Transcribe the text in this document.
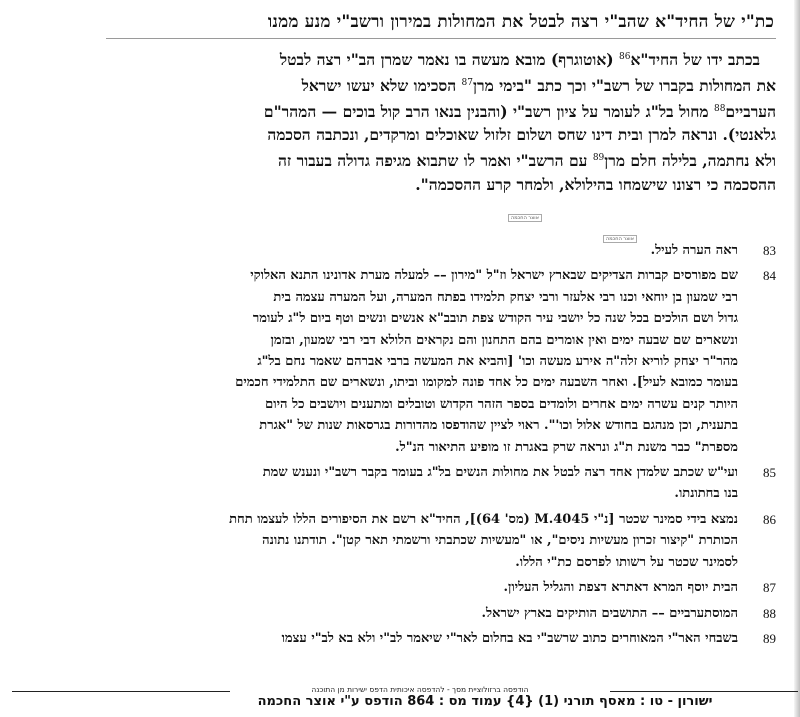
כת"י של החיד"א שהב"י רצה לבטל את המחולות במירון ורשב"י מנע ממנו
בכתב ידו של החיד"א$^{86}$ (אוטוגרף) מובא מעשה בו נאמר שמרן הב"י רצה לבטל
את המחולות בקברו של רשב"י וכך כתב "בימי מרן$^{87}$ הסכימו שלא יעשו ישראל
הערביים$^{88}$ מחול בל"ג לעומר על ציון רשב"י (והבנין בנאו הרב קול בוכים — המהר"ם
גלאנטי). ונראה למרן ובית דינו שחס ושלום זלזול שאוכלים ומרקדים, ונכתבה הסכמה
ולא נחתמה, בלילה חלם מרן$^{89}$ עם הרשב"י ואמר לו שתבוא מגיפה גדולה בעבור זה
ההסכמה כי רצונו שישמחו בהילולא, ולמחר קרע ההסכמה".
אוצר החכמה
אוצר החכמה
83
ראה הערה לעיל.
84
שם מפורסים קברות הצדיקים שבארץ ישראל וז"ל "מירון –– למעלה מערת אדונינו התנא האלוקי
רבי שמעון בן יוחאי וכנו רבי אלעזר ורבי יצחק תלמידו בפתח המערה, ועל המערה עצמה בית
גדול ושם הולכים בכל שנה כל יושבי עיר הקודש צפת תובב"א אנשים ונשים וטף ביום ל"ג לעומר
ונשארים שם שבעה ימים ואין אומרים בהם התחנון והם נקראים הלולא דבי רבי שמעון, ובזמן
מהר"ר יצחק לוריא זלה"ה אירע מעשה וכו' [והביא את המעשה ברבי אברהם שאמר נחם בל"ג
בעומר כמובא לעיל]. ואחר השבעה ימים כל אחד פונה למקומו וביתו, ונשארים שם התלמידי חכמים
היותר קנים עשרה ימים אחרים ולומדים בספר הזהר הקדוש וטובלים ומתענים ויושבים כל היום
בתענית, וכן מנהגם בחודש אלול וכו'". ראוי לציין שהודפסו מהדורות בגרסאות שנות של "אגרת
מספרת" כבר משנת ת"ג ונראה שרק באגרת זו מופיע התיאור הנ"ל.
85
ועי"ש שכתב שלמדן אחד רצה לבטל את מחולות הנשים בל"ג בעומר בקבר רשב"י ונענש שמת
בנו בחתונתו.
86
נמצא בידי סמינר שכטר [נ"י 4045.M (מס' 64)], החיד"א רשם את הסיפורים הללו לעצמו תחת
הכותרת "קיצור זכרון מעשיות ניסים", או "מעשיות שכתבתי ורשמתי תאר קטן". תודתנו נתונה
לסמינר שכטר על רשותו לפרסם כת"י הללו.
87
הבית יוסף המרא דאתרא דצפת והגליל העליון.
88
המוסתערביים –– התושבים הותיקים בארץ ישראל.
89
בשבחי האר"י המאוחרים כתוב שרשב"י בא בחלום לאר"י שיאמר לב"י ולא בא לב"י עצמו
הודפסה ברזולוציית מסך - להדפסה איכותית הדפס ישירות מן התוכנה
ישורון - טו : מאסף תורני (1) {4} עמוד מס : 864 הודפס ע"י אוצר החכמה
